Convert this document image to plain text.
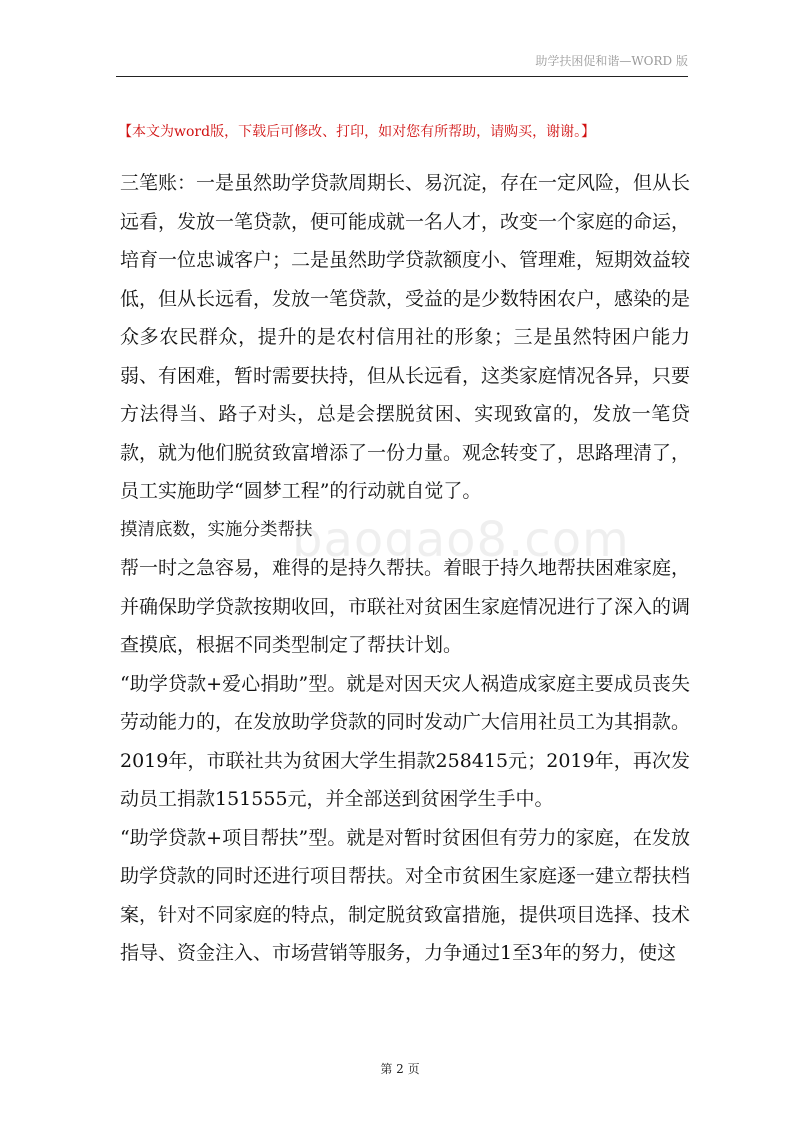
助学扶困促和谐—WORD 版
【本文为word版，下载后可修改、打印，如对您有所帮助，请购买，谢谢。】
baogao8.com

三笔账：一是虽然助学贷款周期长、易沉淀，存在一定风险，但从长远看，发放一笔贷款，便可能成就一名人才，改变一个家庭的命运，培育一位忠诚客户；二是虽然助学贷款额度小、管理难，短期效益较低，但从长远看，发放一笔贷款，受益的是少数特困农户，感染的是众多农民群众，提升的是农村信用社的形象；三是虽然特困户能力弱、有困难，暂时需要扶持，但从长远看，这类家庭情况各异，只要方法得当、路子对头，总是会摆脱贫困、实现致富的，发放一笔贷款，就为他们脱贫致富增添了一份力量。观念转变了，思路理清了，员工实施助学“圆梦工程”的行动就自觉了。

摸清底数，实施分类帮扶

帮一时之急容易，难得的是持久帮扶。着眼于持久地帮扶困难家庭，并确保助学贷款按期收回，市联社对贫困生家庭情况进行了深入的调查摸底，根据不同类型制定了帮扶计划。

“助学贷款+爱心捐助”型。就是对因天灾人祸造成家庭主要成员丧失劳动能力的，在发放助学贷款的同时发动广大信用社员工为其捐款。2019年，市联社共为贫困大学生捐款258415元；2019年，再次发动员工捐款151555元，并全部送到贫困学生手中。

“助学贷款+项目帮扶”型。就是对暂时贫困但有劳力的家庭，在发放助学贷款的同时还进行项目帮扶。对全市贫困生家庭逐一建立帮扶档案，针对不同家庭的特点，制定脱贫致富措施，提供项目选择、技术指导、资金注入、市场营销等服务，力争通过1至3年的努力，使这

第 2 页
